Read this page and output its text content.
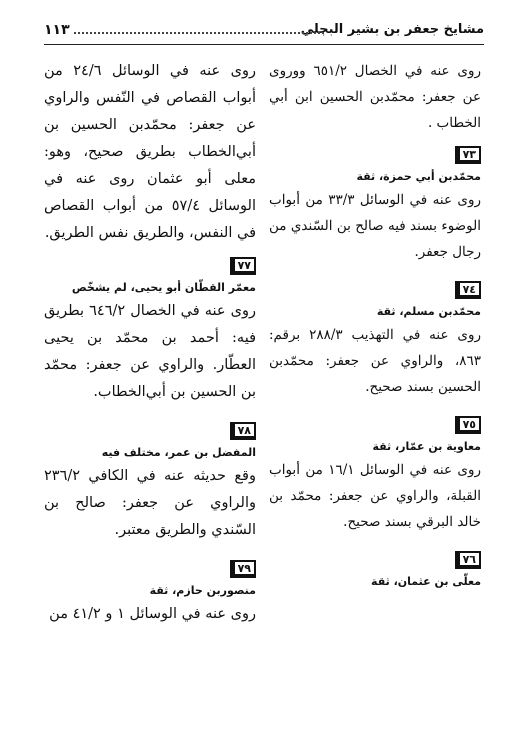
مشايخ جعفر بن بشير البجلي
١١٣

روى عنه في الخصال ٦٥١/٢ ووروى عن جعفر: محمّدبن الحسين ابن أبي الخطاب .

٧٣
محمّدبن أبي حمزة، ثقة

روى عنه في الوسائل ٣٣/٣ من أبواب الوضوء بسند فيه صالح بن السّندي من رجال جعفر.

٧٤
محمّدبن مسلم، ثقة

روى عنه في التهذيب ٢٨٨/٣ برقم: ٨٦٣، والراوي عن جعفر: محمّدبن الحسين بسند صحيح.

٧٥
معاوية بن عمّار، ثقة

روى عنه في الوسائل ١٦/١ من أبواب القبلة، والراوي عن جعفر: محمّد بن خالد البرقي بسند صحيح.

٧٦
معلّى بن عثمان، ثقة

روى عنه في الوسائل ٢٤/٦ من أبواب القصاص في النّفس والراوي عن جعفر: محمّدبن الحسين بن أبي‌الخطاب بطريق صحيح، وهو: معلى أبو عثمان روى عنه في الوسائل ٥٧/٤ من أبواب القصاص في النفس، والطريق نفس الطريق.

٧٧
معمّر القطّان أبو يحيى، لم يشخّص

روى عنه في الخصال ٦٤٦/٢ بطريق فيه: أحمد بن محمّد بن يحيى العطّار. والراوي عن جعفر: محمّد بن الحسين بن أبي‌الخطاب.

٧٨
المفضل بن عمر، مختلف فيه

وقع حديثه عنه في الكافي ٢٣٦/٢ والراوي عن جعفر: صالح بن السّندي والطريق معتبر.

٧٩
منصوربن حازم، ثقة

روى عنه في الوسائل ١ و ٤١/٢ من
